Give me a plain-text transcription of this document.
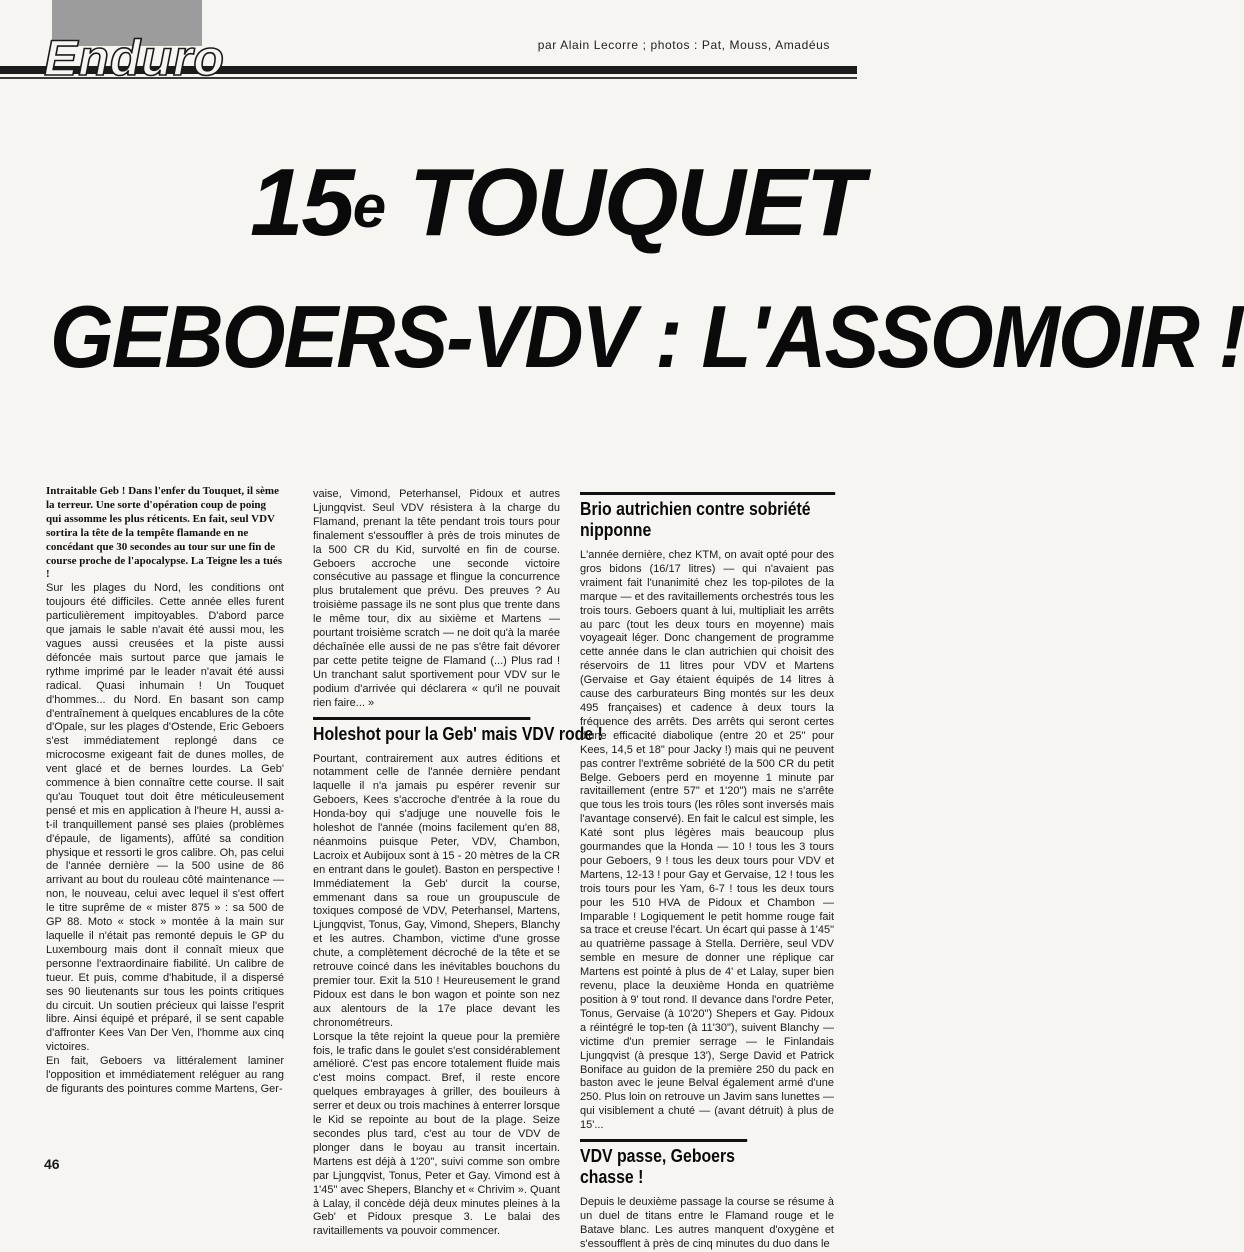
Enduro	par Alain Lecorre ; photos : Pat, Mouss, Amadéus
15e TOUQUET
GEBOERS-VDV : L'ASSOMOIR !

Intraitable Geb ! Dans l'enfer du Touquet, il sème la terreur. Une sorte d'opération coup de poing qui assomme les plus réticents. En fait, seul VDV sortira la tête de la tempête flamande en ne concédant que 30 secondes au tour sur une fin de course proche de l'apocalypse. La Teigne les a tués !

Sur les plages du Nord, les conditions ont toujours été difficiles. Cette année elles furent particulièrement impitoyables. D'abord parce que jamais le sable n'avait été aussi mou, les vagues aussi creusées et la piste aussi défoncée mais surtout parce que jamais le rythme imprimé par le leader n'avait été aussi radical. Quasi inhumain ! Un Touquet d'hommes... du Nord. En basant son camp d'entraînement à quelques encablures de la côte d'Opale, sur les plages d'Ostende, Eric Geboers s'est immédiatement replongé dans ce microcosme exigeant fait de dunes molles, de vent glacé et de bernes lourdes. La Geb' commence à bien connaître cette course. Il sait qu'au Touquet tout doit être méticuleusement pensé et mis en application à l'heure H, aussi a-t-il tranquillement pansé ses plaies (problèmes d'épaule, de ligaments), affûté sa condition physique et ressorti le gros calibre. Oh, pas celui de l'année dernière — la 500 usine de 86 arrivant au bout du rouleau côté maintenance — non, le nouveau, celui avec lequel il s'est offert le titre suprême de « mister 875 » : sa 500 de GP 88. Moto « stock » montée à la main sur laquelle il n'était pas remonté depuis le GP du Luxembourg mais dont il connaît mieux que personne l'extraordinaire fiabilité. Un calibre de tueur. Et puis, comme d'habitude, il a dispersé ses 90 lieutenants sur tous les points critiques du circuit. Un soutien précieux qui laisse l'esprit libre. Ainsi équipé et préparé, il se sent capable d'affronter Kees Van Der Ven, l'homme aux cinq victoires.

En fait, Geboers va littéralement laminer l'opposition et immédiatement reléguer au rang de figurants des pointures comme Martens, Ger-

vaise, Vimond, Peterhansel, Pidoux et autres Ljungqvist. Seul VDV résistera à la charge du Flamand, prenant la tête pendant trois tours pour finalement s'essouffler à près de trois minutes de la 500 CR du Kid, survolté en fin de course. Geboers accroche une seconde victoire consécutive au passage et flingue la concurrence plus brutalement que prévu. Des preuves ? Au troisième passage ils ne sont plus que trente dans le même tour, dix au sixième et Martens — pourtant troisième scratch — ne doit qu'à la marée déchaînée elle aussi de ne pas s'être fait dévorer par cette petite teigne de Flamand (...) Plus rad ! Un tranchant salut sportivement pour VDV sur le podium d'arrivée qui déclarera « qu'il ne pouvait rien faire... »

Holeshot pour la Geb' mais VDV rode !

Pourtant, contrairement aux autres éditions et notamment celle de l'année dernière pendant laquelle il n'a jamais pu espérer revenir sur Geboers, Kees s'accroche d'entrée à la roue du Honda-boy qui s'adjuge une nouvelle fois le holeshot de l'année (moins facilement qu'en 88, néanmoins puisque Peter, VDV, Chambon, Lacroix et Aubijoux sont à 15 - 20 mètres de la CR en entrant dans le goulet). Baston en perspective ! Immédiatement la Geb' durcit la course, emmenant dans sa roue un groupuscule de toxiques composé de VDV, Peterhansel, Martens, Ljungqvist, Tonus, Gay, Vimond, Shepers, Blanchy et les autres. Chambon, victime d'une grosse chute, a complètement décroché de la tête et se retrouve coincé dans les inévitables bouchons du premier tour. Exit la 510 ! Heureusement le grand Pidoux est dans le bon wagon et pointe son nez aux alentours de la 17e place devant les chronométreurs.

Lorsque la tête rejoint la queue pour la première fois, le trafic dans le goulet s'est considérablement amélioré. C'est pas encore totalement fluide mais c'est moins compact. Bref, il reste encore quelques embrayages à griller, des bouileurs à serrer et deux ou trois machines à enterrer lorsque le Kid se repointe au bout de la plage. Seize secondes plus tard, c'est au tour de VDV de plonger dans le boyau au transit incertain. Martens est déjà à 1'20", suivi comme son ombre par Ljungqvist, Tonus, Peter et Gay. Vimond est à 1'45" avec Shepers, Blanchy et « Chrivim ». Quant à Lalay, il concède déjà deux minutes pleines à la Geb' et Pidoux presque 3. Le balai des ravitaillements va pouvoir commencer.

Brio autrichien contre sobriété nipponne

L'année dernière, chez KTM, on avait opté pour des gros bidons (16/17 litres) — qui n'avaient pas vraiment fait l'unanimité chez les top-pilotes de la marque — et des ravitaillements orchestrés tous les trois tours. Geboers quant à lui, multipliait les arrêts au parc (tout les deux tours en moyenne) mais voyageait léger. Donc changement de programme cette année dans le clan autrichien qui choisit des réservoirs de 11 litres pour VDV et Martens (Gervaise et Gay étaient équipés de 14 litres à cause des carburateurs Bing montés sur les deux 495 françaises) et cadence à deux tours la fréquence des arrêts. Des arrêts qui seront certes d'une efficacité diabolique (entre 20 et 25" pour Kees, 14,5 et 18" pour Jacky !) mais qui ne peuvent pas contrer l'extrême sobriété de la 500 CR du petit Belge. Geboers perd en moyenne 1 minute par ravitaillement (entre 57" et 1'20") mais ne s'arrête que tous les trois tours (les rôles sont inversés mais l'avantage conservé). En fait le calcul est simple, les Katé sont plus légères mais beaucoup plus gourmandes que la Honda — 10 ! tous les 3 tours pour Geboers, 9 ! tous les deux tours pour VDV et Martens, 12-13 ! pour Gay et Gervaise, 12 ! tous les trois tours pour les Yam, 6-7 ! tous les deux tours pour les 510 HVA de Pidoux et Chambon — Imparable ! Logiquement le petit homme rouge fait sa trace et creuse l'écart. Un écart qui passe à 1'45" au quatrième passage à Stella. Derrière, seul VDV semble en mesure de donner une réplique car Martens est pointé à plus de 4' et Lalay, super bien revenu, place la deuxième Honda en quatrième position à 9' tout rond. Il devance dans l'ordre Peter, Tonus, Gervaise (à 10'20") Shepers et Gay. Pidoux a réintégré le top-ten (à 11'30"), suivent Blanchy — victime d'un premier serrage — le Finlandais Ljungqvist (à presque 13'), Serge David et Patrick Boniface au guidon de la première 250 du pack en baston avec le jeune Belval également armé d'une 250. Plus loin on retrouve un Javim sans lunettes — qui visiblement a chuté — (avant détruit) à plus de 15'...

VDV passe, Geboers chasse !

Depuis le deuxième passage la course se résume à un duel de titans entre le Flamand rouge et le Batave blanc. Les autres manquent d'oxygène et s'essoufflent à près de cinq minutes du duo dans le

46
